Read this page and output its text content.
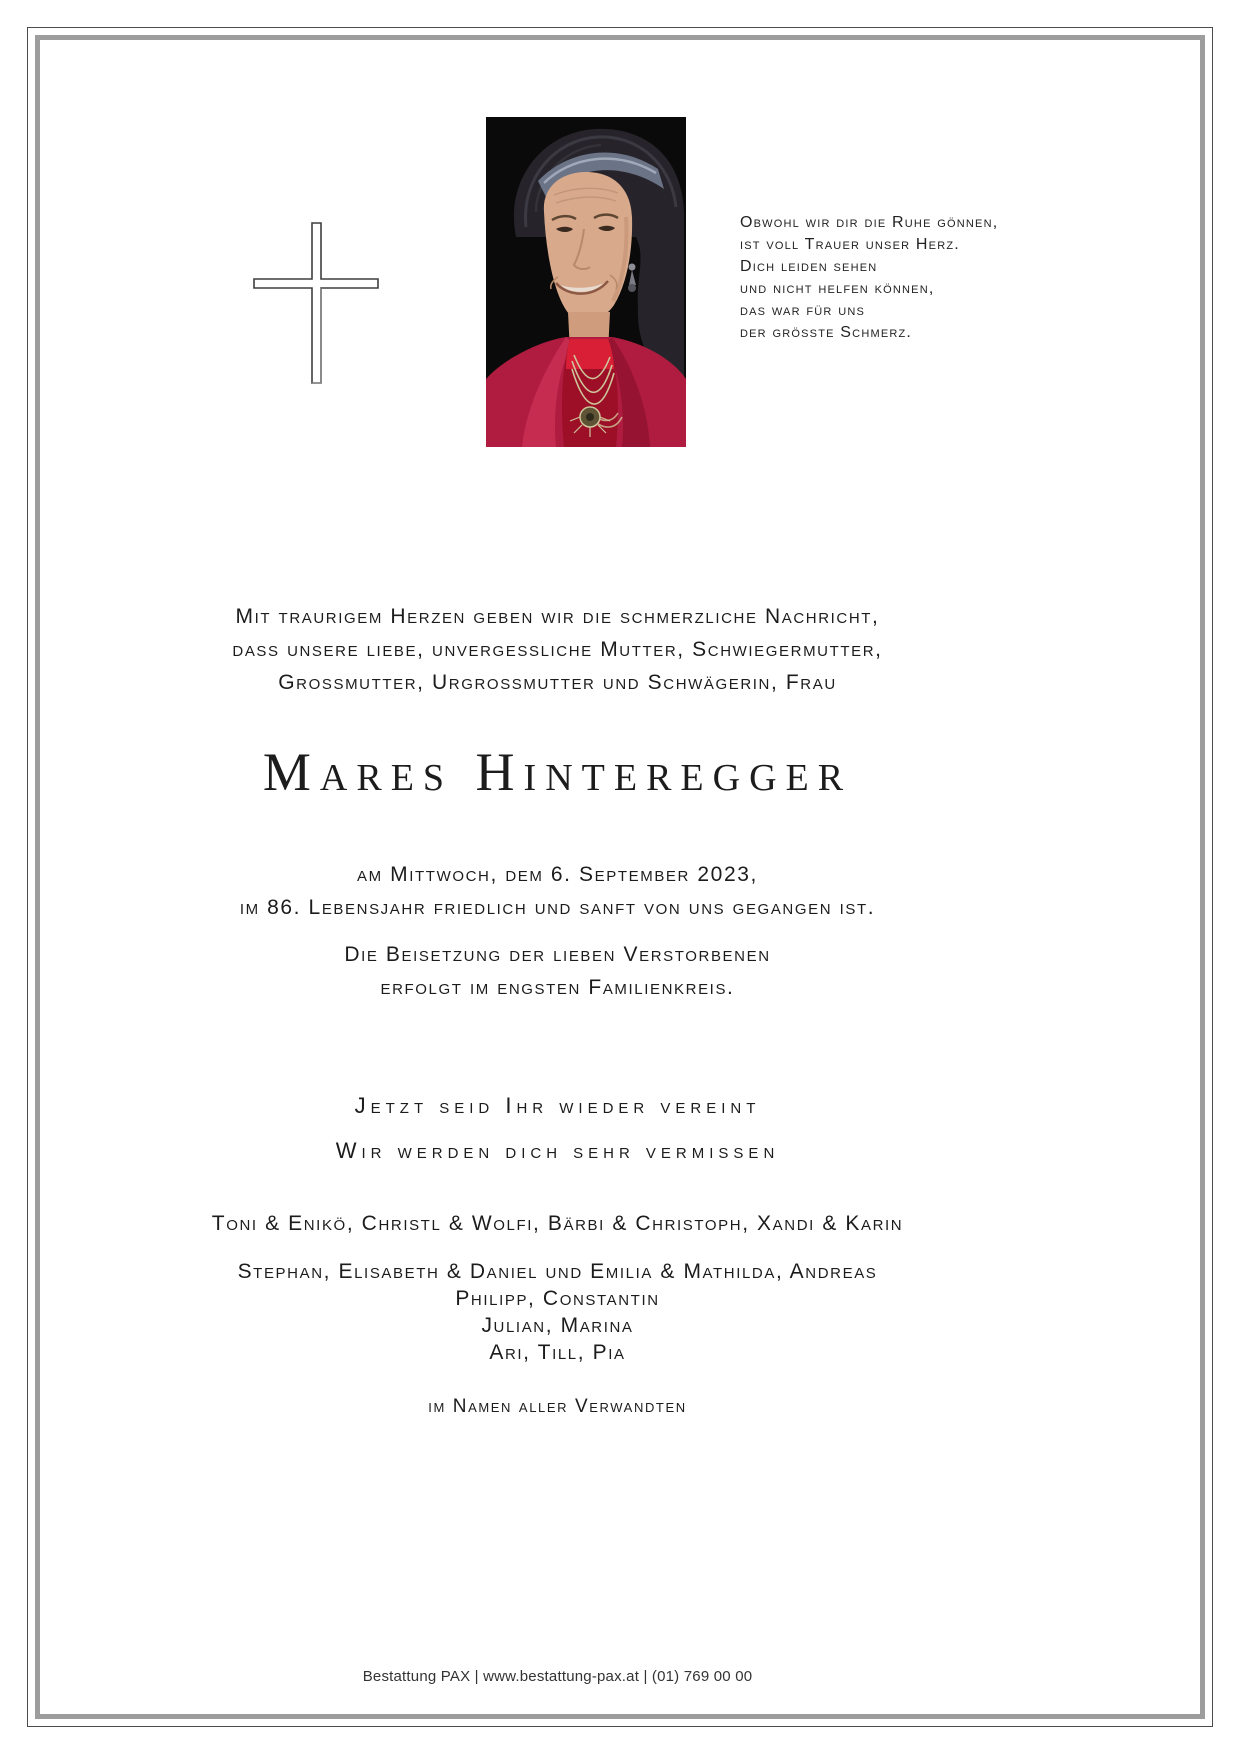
Obwohl wir dir die Ruhe gönnen,
ist voll Trauer unser Herz.
Dich leiden sehen
und nicht helfen können,
das war für uns
der grösste Schmerz.
Mit traurigem Herzen geben wir die schmerzliche Nachricht,
dass unsere liebe, unvergessliche Mutter, Schwiegermutter,
Grossmutter, Urgrossmutter und Schwägerin, Frau
Mares Hinteregger
am Mittwoch, dem 6. September 2023,
im 86. Lebensjahr friedlich und sanft von uns gegangen ist.
Die Beisetzung der lieben Verstorbenen
erfolgt im engsten Familienkreis.
Jetzt seid Ihr wieder vereint
Wir werden dich sehr vermissen
Toni & Enikö, Christl & Wolfi, Bärbi & Christoph, Xandi & Karin
Stephan, Elisabeth & Daniel und Emilia & Mathilda, Andreas
Philipp, Constantin
Julian, Marina
Ari, Till, Pia
im Namen aller Verwandten
Bestattung PAX | www.bestattung-pax.at | (01) 769 00 00
